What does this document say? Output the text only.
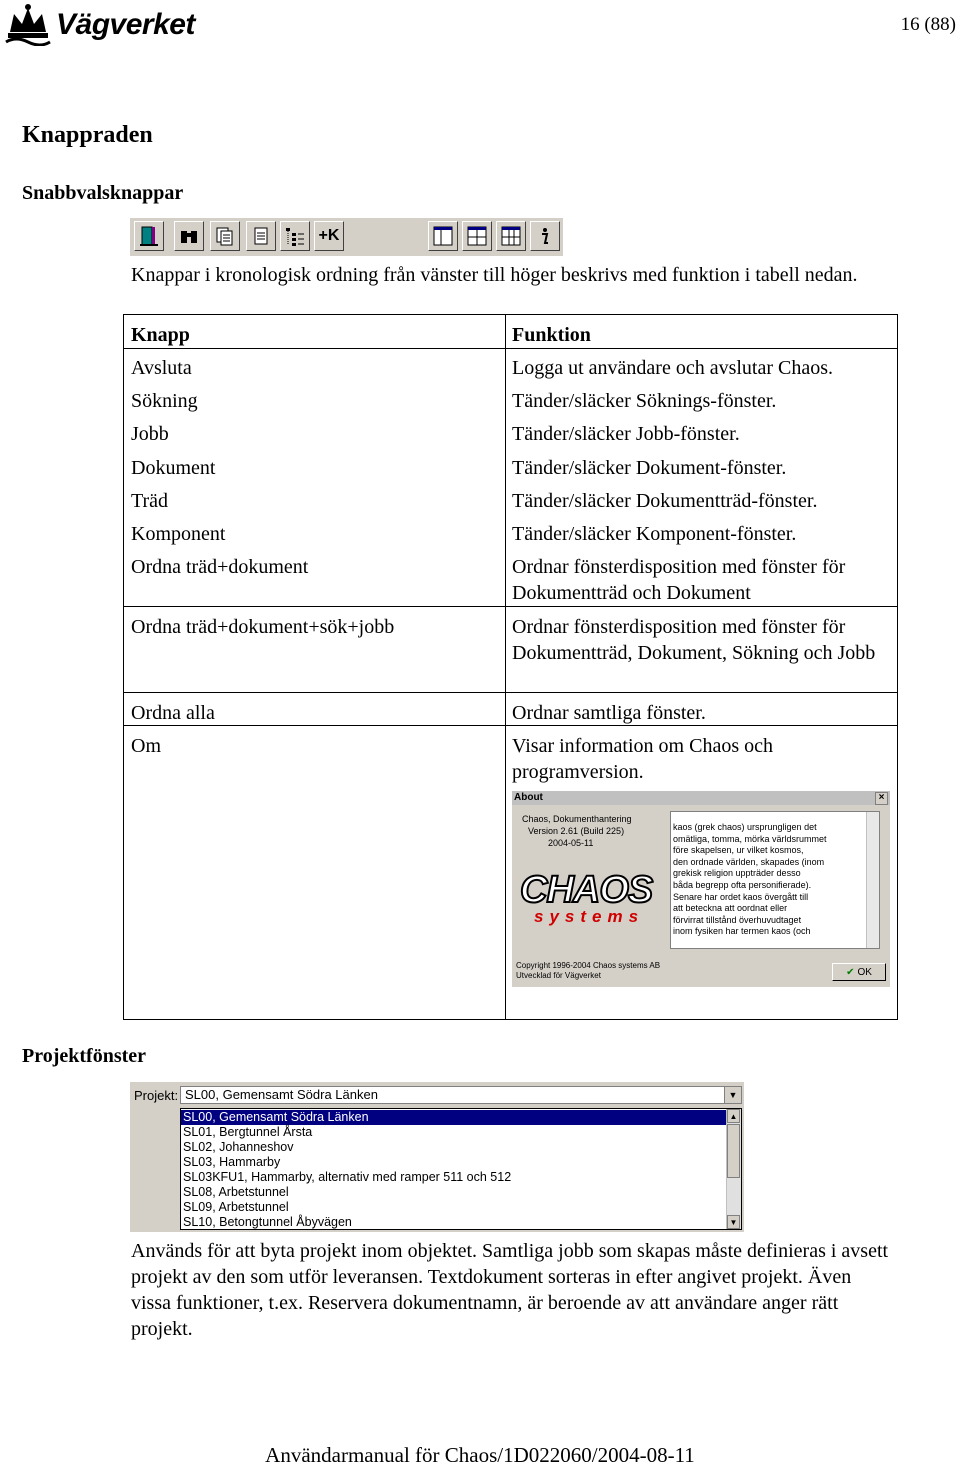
Vägverket	16 (88)
Knappraden
Snabbvalsknappar
+K

Knappar i kronologisk ordning från vänster till höger beskrivs med funktion i tabell nedan.

Knapp	Funktion
Avsluta	Logga ut användare och avslutar Chaos.
Sökning	Tänder/släcker Söknings-fönster.
Jobb	Tänder/släcker Jobb-fönster.
Dokument	Tänder/släcker Dokument-fönster.
Träd	Tänder/släcker Dokumentträd-fönster.
Komponent	Tänder/släcker Komponent-fönster.
Ordna träd+dokument	Ordnar fönsterdisposition med fönster för Dokumentträd och Dokument
Ordna träd+dokument+sök+jobb	Ordnar fönsterdisposition med fönster för Dokumentträd, Dokument, Sökning och Jobb
Ordna alla	Ordnar samtliga fönster.
Om	Visar information om Chaos och programversion.
About	×
Chaos, Dokumenthantering
Version 2.61 (Build 225)
2004-05-11
CHAOS
systems
kaos (grek chaos) ursprungligen det
omätliga, tomma, mörka världsrummet
före skapelsen, ur vilket kosmos,
den ordnade världen, skapades (inom
grekisk religion uppträder desso
båda begrepp ofta personifierade).
Senare har ordet kaos övergått till
att beteckna att oordnat eller
förvirrat tillstånd överhuvudtaget
inom fysiken har termen kaos (och
Copyright 1996-2004 Chaos systems AB
Utvecklad för Vägverket	✔ OK
Projektfönster
Projekt: SL00, Gemensamt Södra Länken	▼
SL00, Gemensamt Södra Länken
SL01, Bergtunnel Årsta
SL02, Johanneshov
SL03, Hammarby
SL03KFU1, Hammarby, alternativ med ramper 511 och 512
SL08, Arbetstunnel
SL09, Arbetstunnel
SL10, Betongtunnel Åbyvägen
▲
▼

Används för att byta projekt inom objektet. Samtliga jobb som skapas måste definieras i avsett projekt av den som utför leveransen. Textdokument sorteras in efter angivet projekt. Även vissa funktioner, t.ex. Reservera dokumentnamn, är beroende av att användare anger rätt projekt.

Användarmanual för Chaos/1D022060/2004-08-11
